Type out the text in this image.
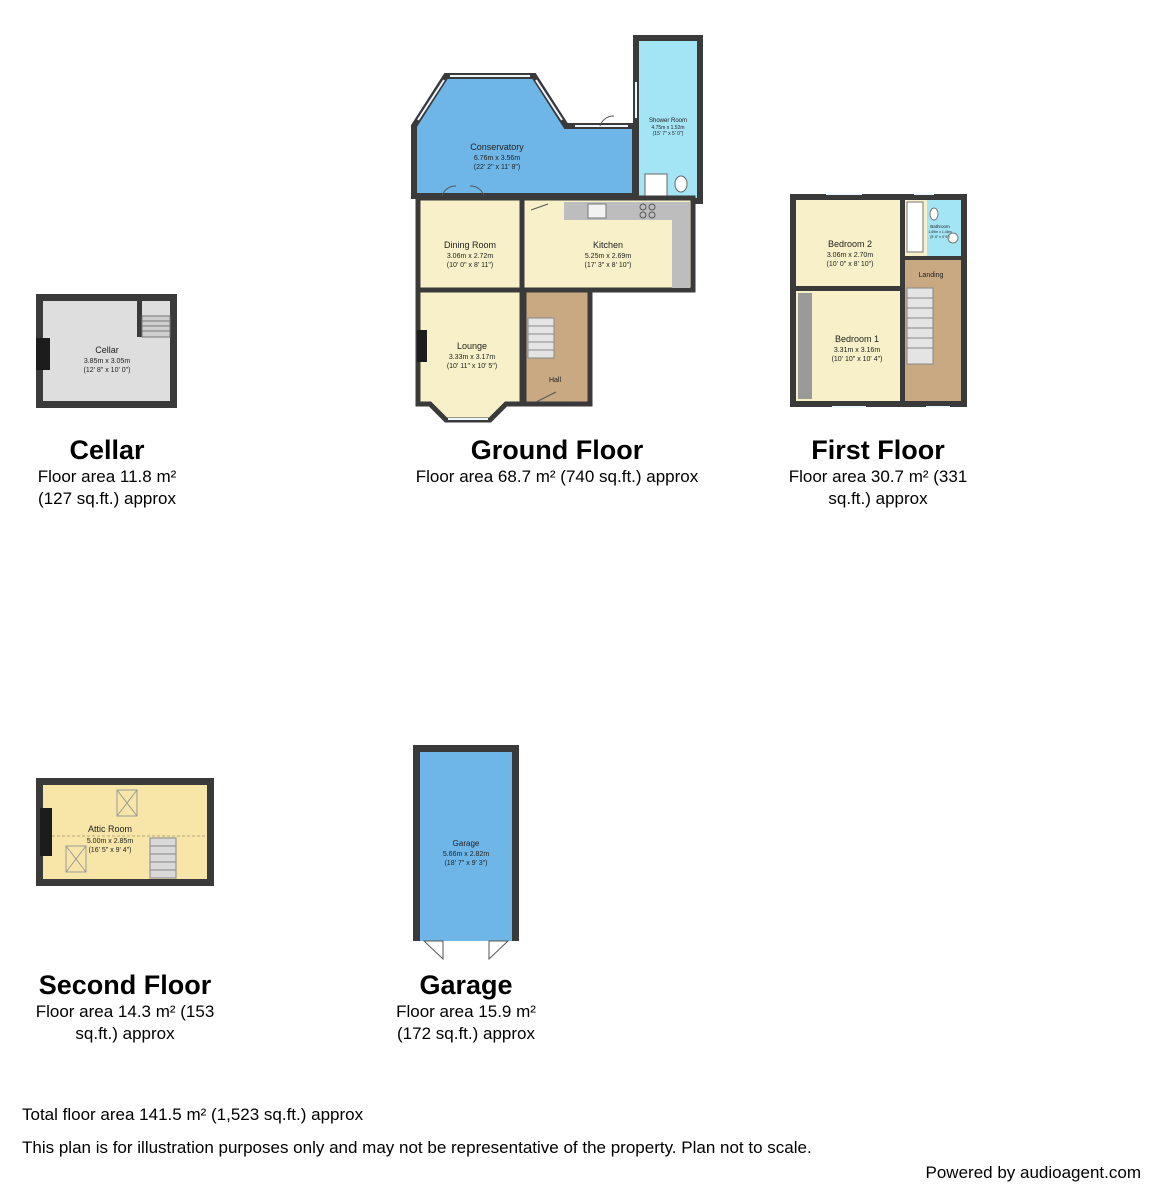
Cellar
3.85m x 3.05m
(12' 8" x 10' 0")
Conservatory
6.76m x 3.56m
(22' 2" x 11' 8")
Shower Room
4.75m x 1.52m
(15' 7" x 5' 0")
Dining Room
3.06m x 2.72m
(10' 0" x 8' 11")
Kitchen
5.25m x 2.69m
(17' 3" x 8' 10")
Lounge
3.33m x 3.17m
(10' 11" x 10' 5")
Hall
Bedroom 2
3.06m x 2.70m
(10' 0" x 8' 10")
Bedroom 1
3.31m x 3.16m
(10' 10" x 10' 4")
Bathroom
1.69m x 1.46m
(5' 6" x 4' 9")
Landing
Attic Room
5.00m x 2.85m
(16' 5" x 9' 4")
Garage
5.66m x 2.82m
(18' 7" x 9' 3")
Cellar
Floor area 11.8 m² (127 sq.ft.) approx
Ground Floor
Floor area 68.7 m² (740 sq.ft.) approx
First Floor
Floor area 30.7 m² (331 sq.ft.) approx
Second Floor
Floor area 14.3 m² (153 sq.ft.) approx
Garage
Floor area 15.9 m² (172 sq.ft.) approx
Total floor area 141.5 m² (1,523 sq.ft.) approx
This plan is for illustration purposes only and may not be representative of the property. Plan not to scale.
Powered by audioagent.com
